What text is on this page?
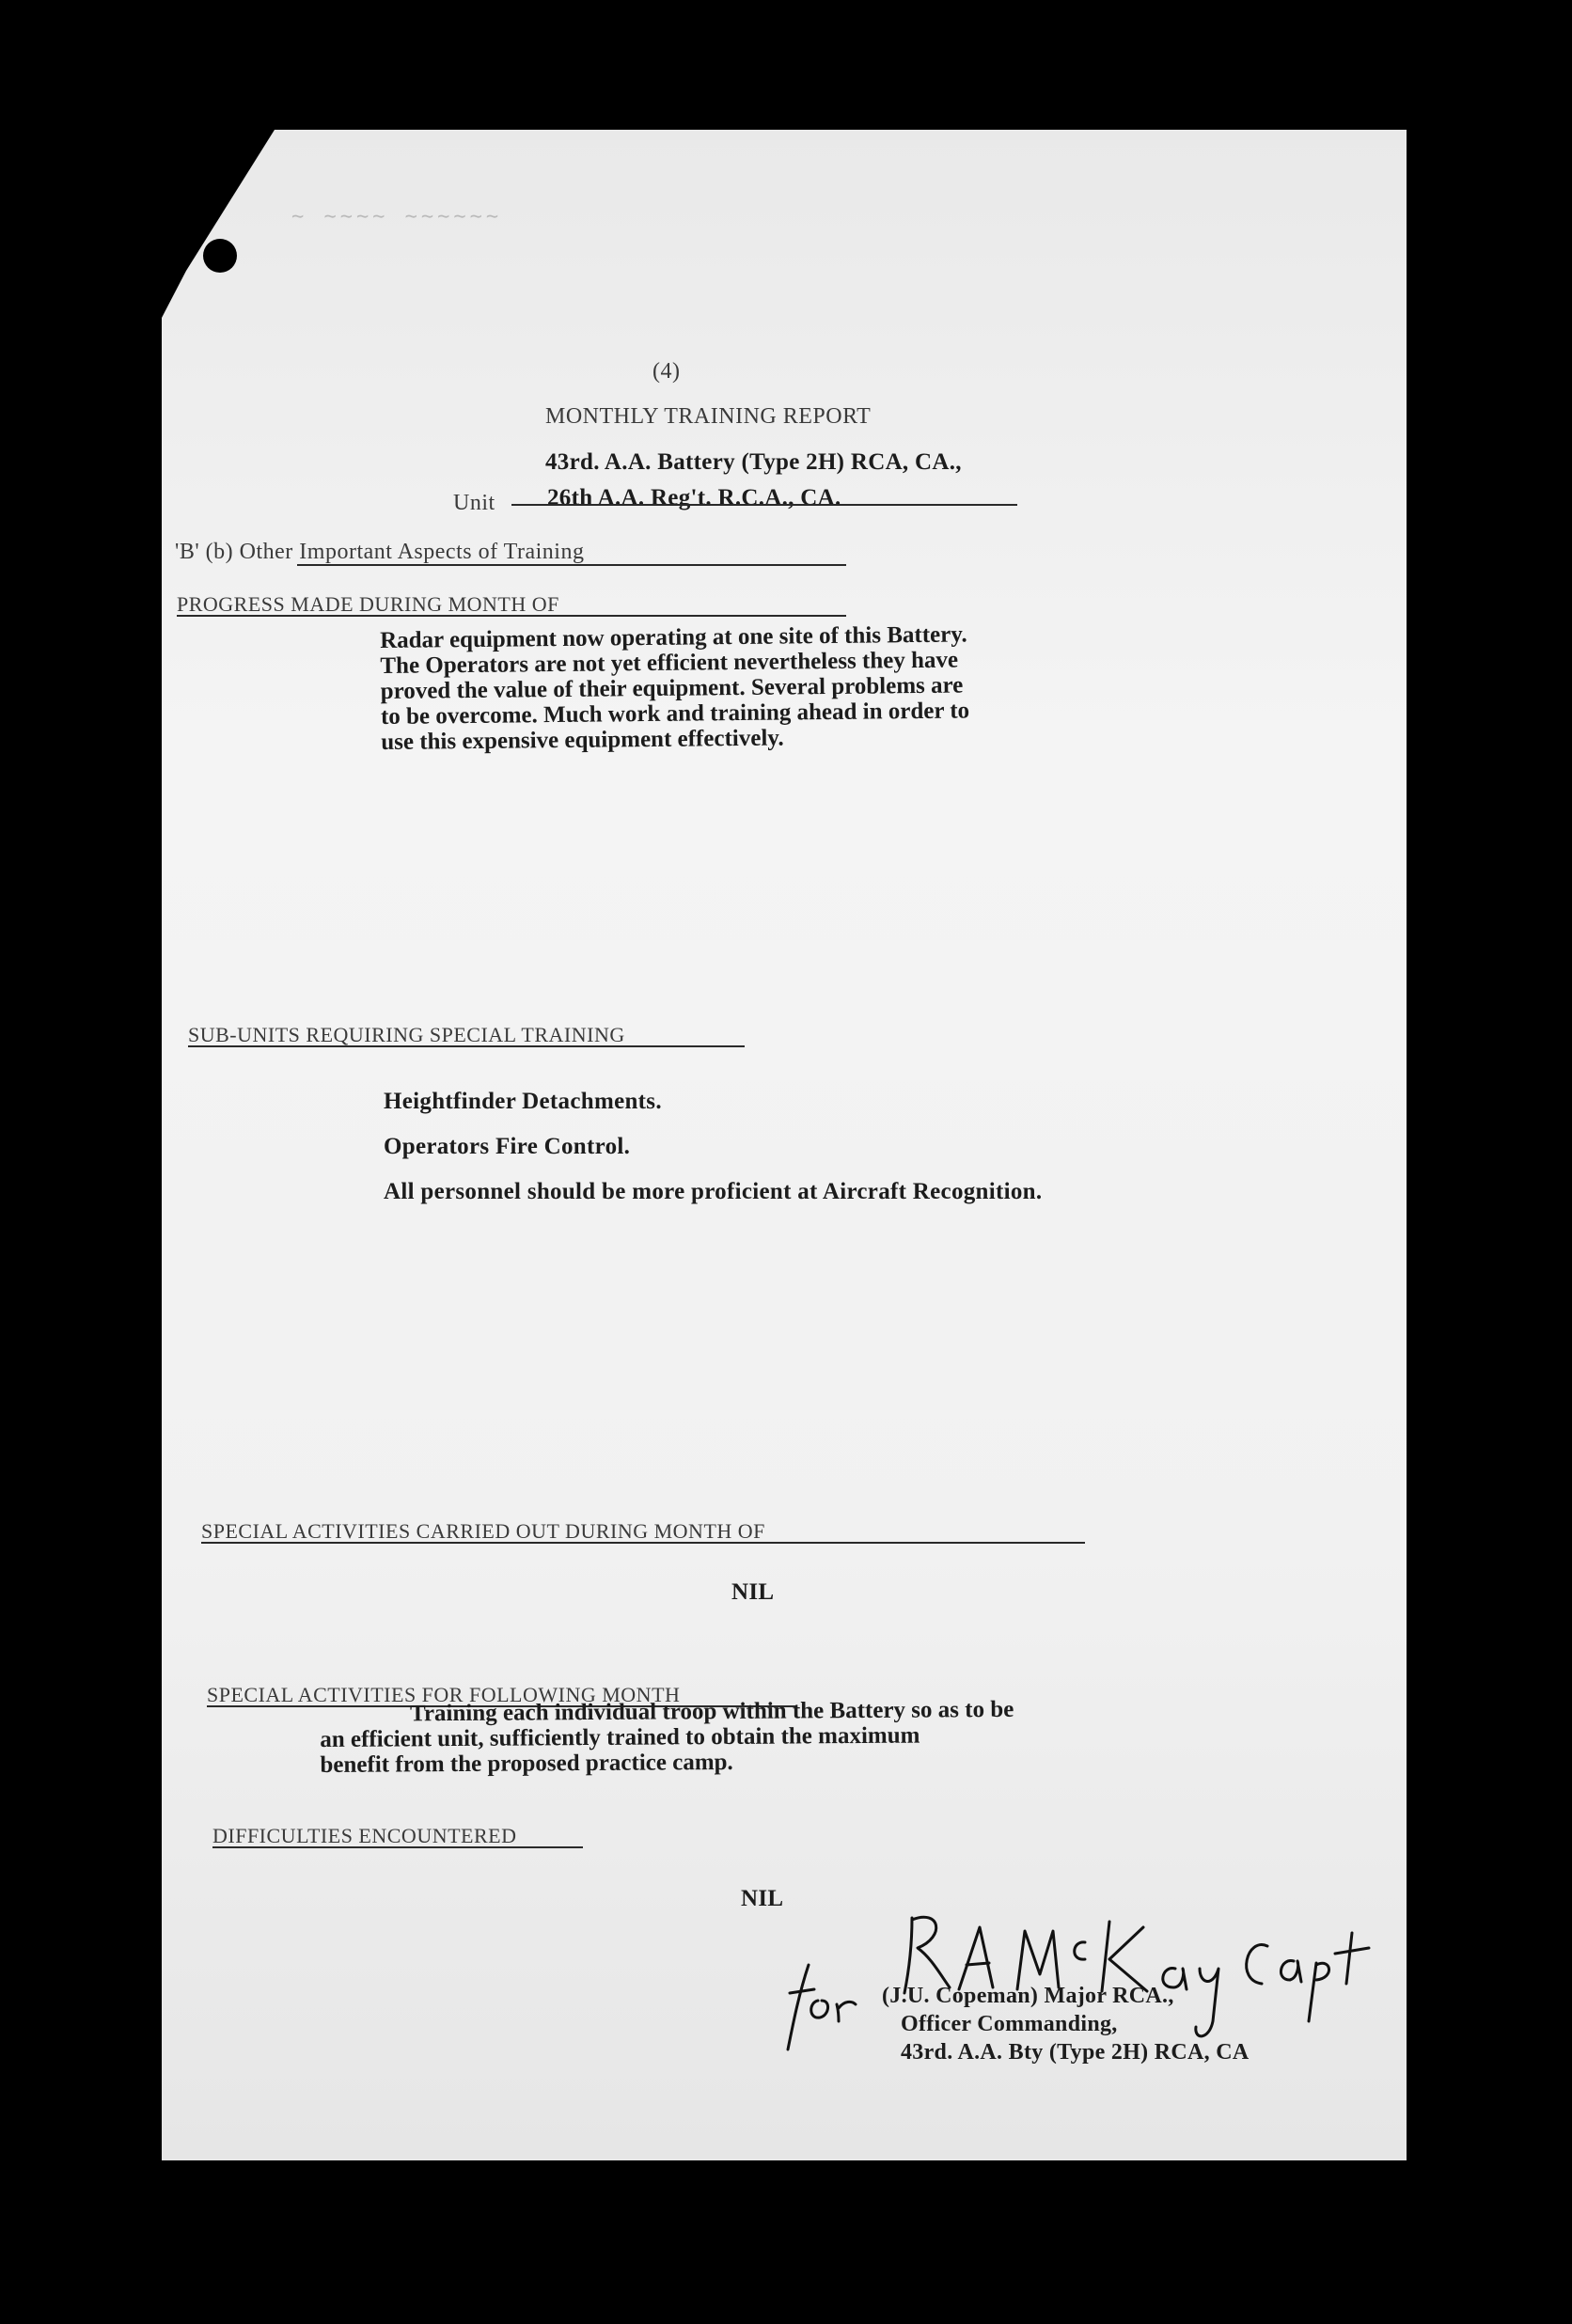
∼ ∼∼∼∼ ∼∼∼∼∼∼
(4)
MONTHLY TRAINING REPORT
43rd. A.A. Battery (Type 2H) RCA, CA.,
Unit 26th A.A. Reg't. R.C.A., CA.
'B' (b) Other Important Aspects of Training
PROGRESS MADE DURING MONTH OF
Radar equipment now operating at one site of this Battery.
The Operators are not yet efficient nevertheless they have
proved the value of their equipment. Several problems are
to be overcome. Much work and training ahead in order to
use this expensive equipment effectively.
SUB-UNITS REQUIRING SPECIAL TRAINING
Heightfinder Detachments.
Operators Fire Control.
All personnel should be more proficient at Aircraft Recognition.
SPECIAL ACTIVITIES CARRIED OUT DURING MONTH OF
NIL
SPECIAL ACTIVITIES FOR FOLLOWING MONTH
Training each individual troop within the Battery so as to be
an efficient unit, sufficiently trained to obtain the maximum
benefit from the proposed practice camp.
DIFFICULTIES ENCOUNTERED
NIL
(J.U. Copeman) Major RCA.,
Officer Commanding,
43rd. A.A. Bty (Type 2H) RCA, CA
